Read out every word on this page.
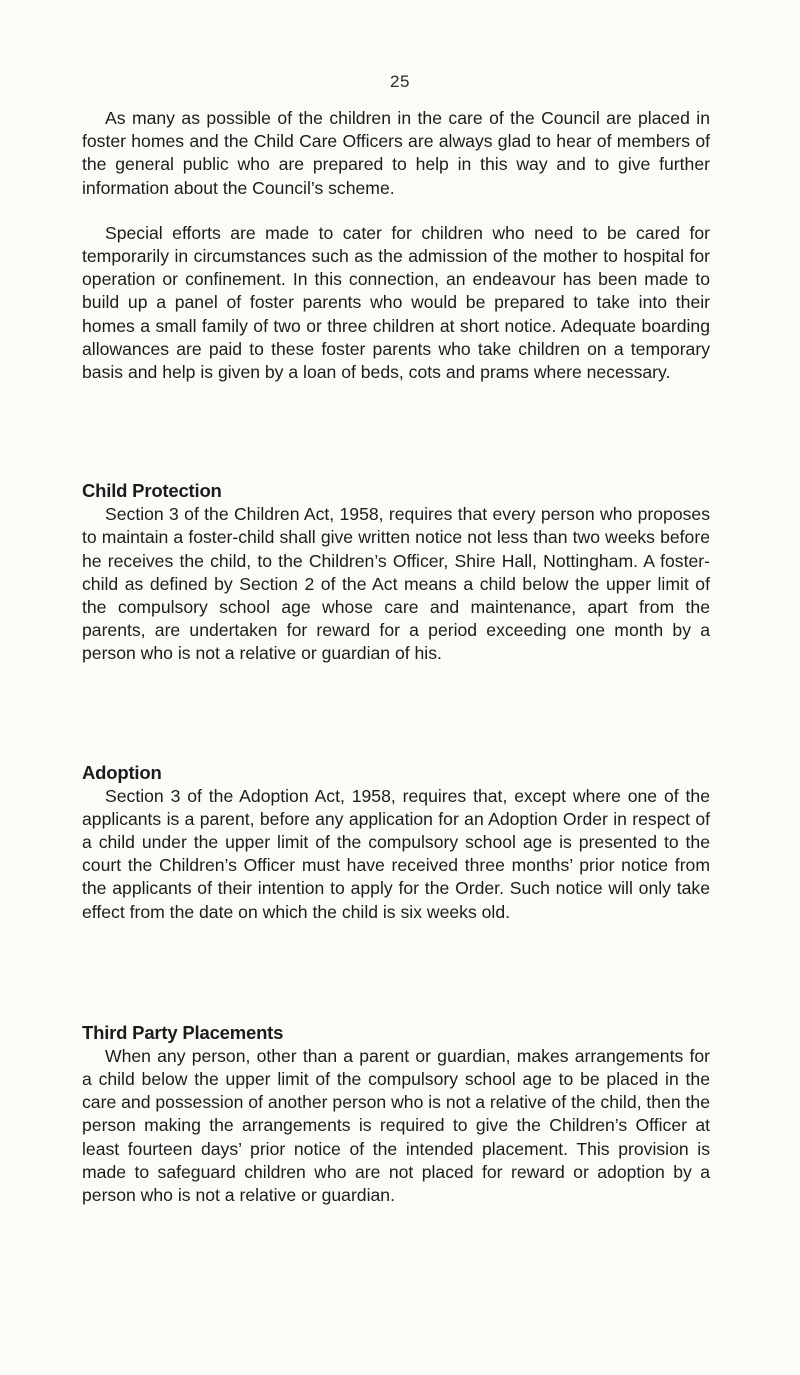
25

As many as possible of the children in the care of the Council are placed in foster homes and the Child Care Officers are always glad to hear of members of the general public who are prepared to help in this way and to give further information about the Council’s scheme.

Special efforts are made to cater for children who need to be cared for temporarily in circumstances such as the admission of the mother to hospital for operation or confinement. In this connection, an endeavour has been made to build up a panel of foster parents who would be prepared to take into their homes a small family of two or three children at short notice. Adequate boarding allowances are paid to these foster parents who take children on a temporary basis and help is given by a loan of beds, cots and prams where necessary.

Child Protection

Section 3 of the Children Act, 1958, requires that every person who proposes to maintain a foster-child shall give written notice not less than two weeks before he receives the child, to the Children’s Officer, Shire Hall, Nottingham. A foster-child as defined by Section 2 of the Act means a child below the upper limit of the compulsory school age whose care and maintenance, apart from the parents, are undertaken for reward for a period exceeding one month by a person who is not a relative or guardian of his.

Adoption

Section 3 of the Adoption Act, 1958, requires that, except where one of the applicants is a parent, before any application for an Adoption Order in respect of a child under the upper limit of the compulsory school age is presented to the court the Children’s Officer must have received three months’ prior notice from the applicants of their intention to apply for the Order. Such notice will only take effect from the date on which the child is six weeks old.

Third Party Placements

When any person, other than a parent or guardian, makes arrangements for a child below the upper limit of the compulsory school age to be placed in the care and possession of another person who is not a relative of the child, then the person making the arrangements is required to give the Children’s Officer at least fourteen days’ prior notice of the intended placement. This provision is made to safeguard children who are not placed for reward or adoption by a person who is not a relative or guardian.
